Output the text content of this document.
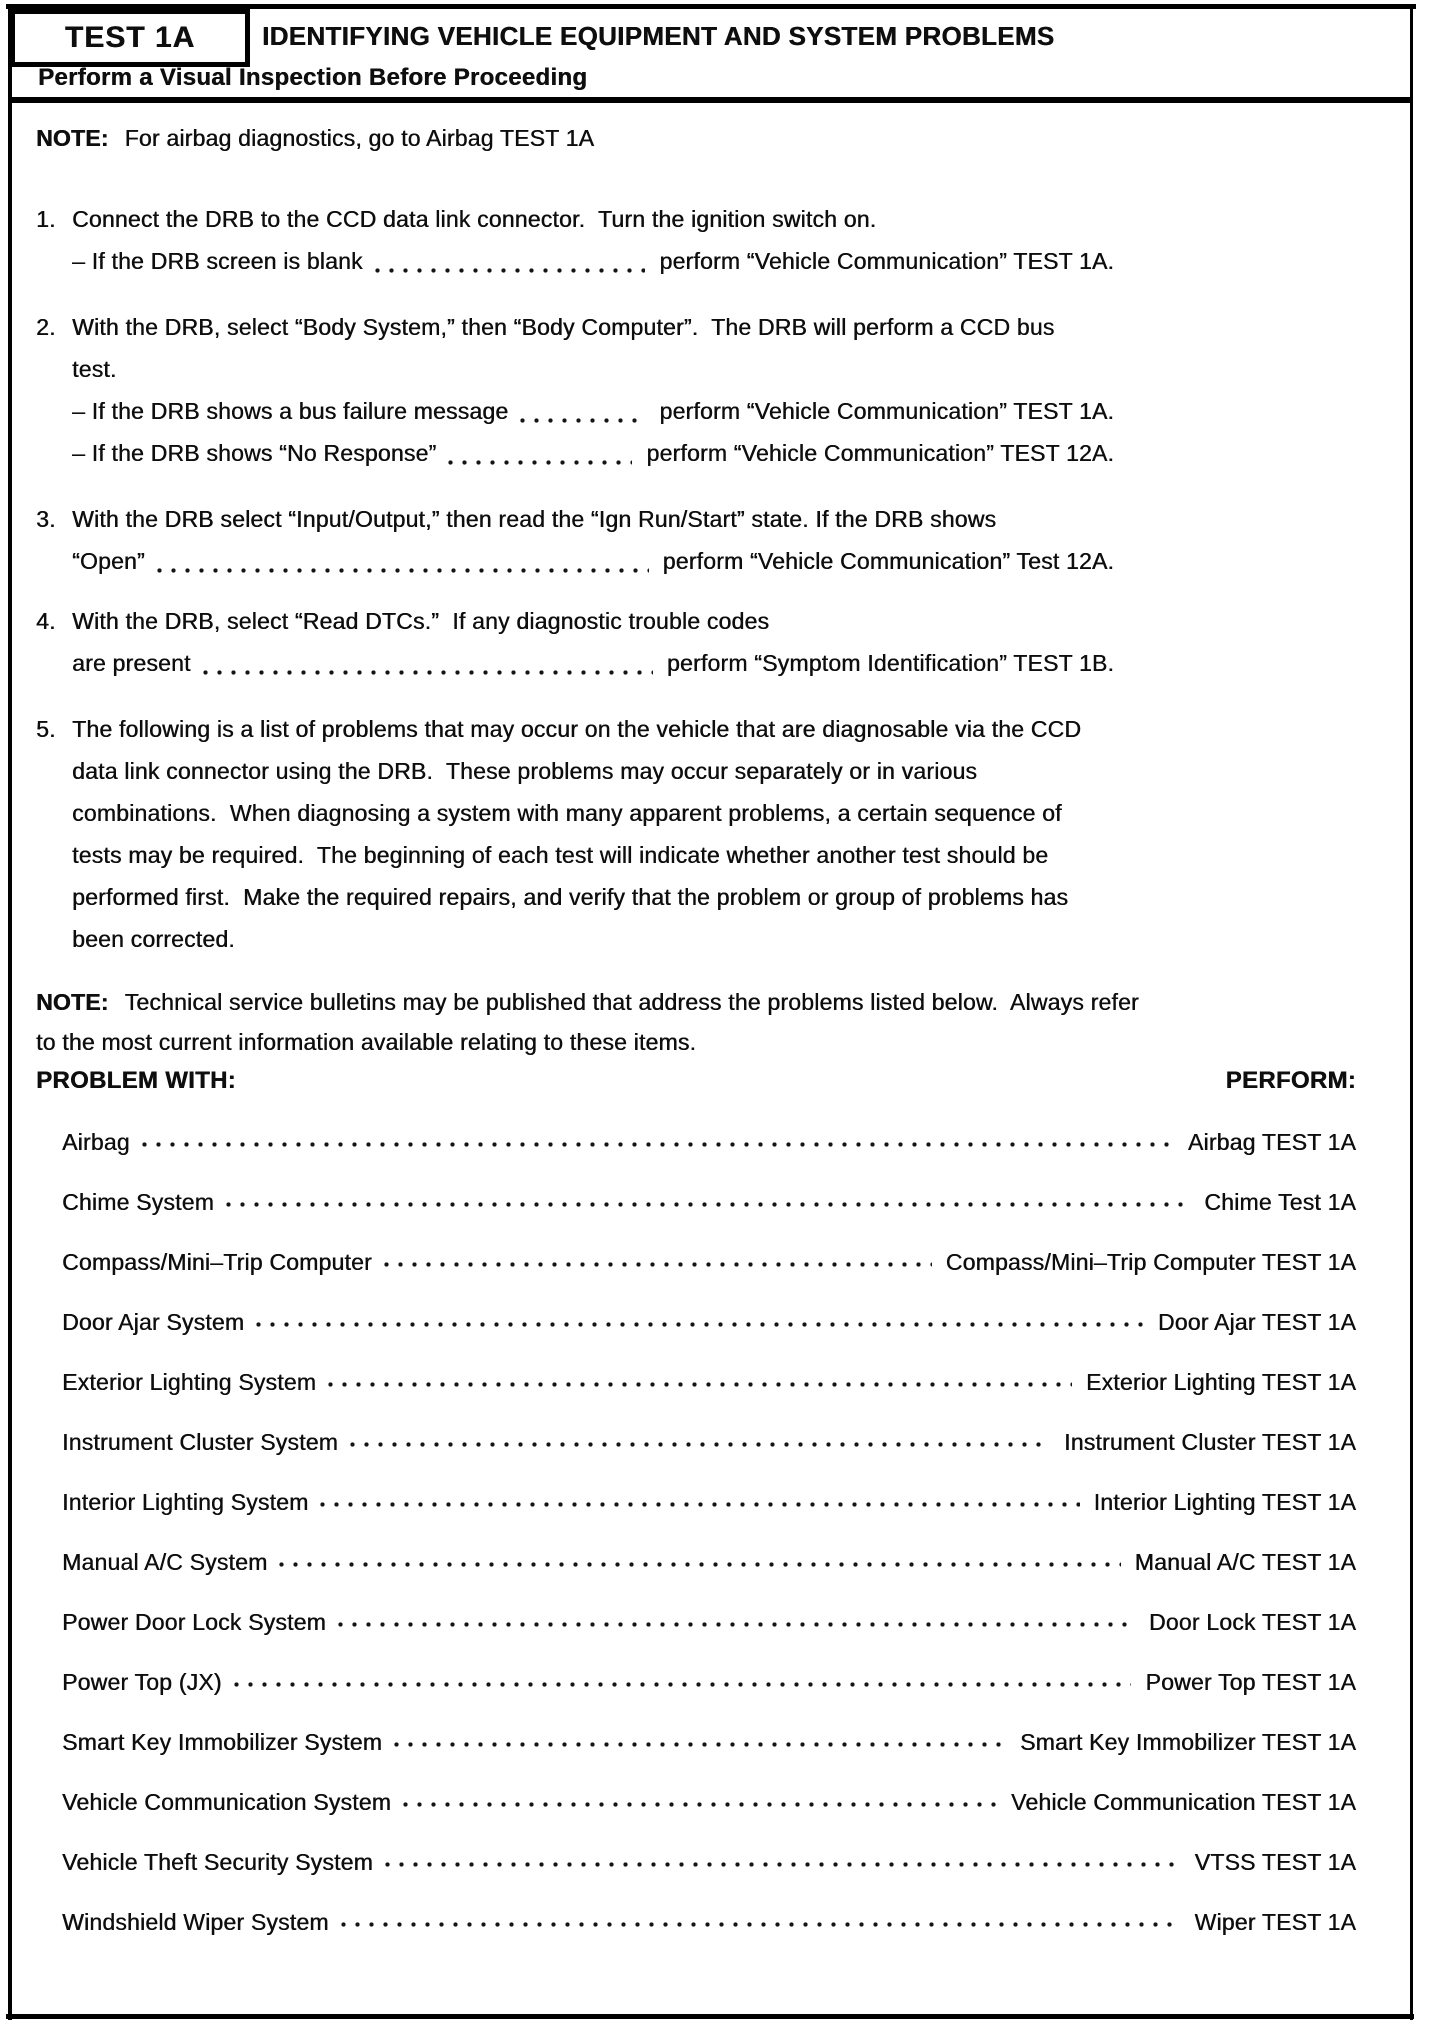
TEST 1A	IDENTIFYING VEHICLE EQUIPMENT AND SYSTEM PROBLEMS
Perform a Visual Inspection Before Proceeding
NOTE: For airbag diagnostics, go to Airbag TEST 1A
1. Connect the DRB to the CCD data link connector.  Turn the ignition switch on.
– If the DRB screen is blank	perform “Vehicle Communication” TEST 1A.
2. With the DRB, select “Body System,” then “Body Computer”.  The DRB will perform a CCD bus
test.
– If the DRB shows a bus failure message	perform “Vehicle Communication” TEST 1A.
– If the DRB shows “No Response”	perform “Vehicle Communication” TEST 12A.
3. With the DRB select “Input/Output,” then read the “Ign Run/Start” state. If the DRB shows
“Open”	perform “Vehicle Communication” Test 12A.
4. With the DRB, select “Read DTCs.”  If any diagnostic trouble codes
are present	perform “Symptom Identification” TEST 1B.
5. The following is a list of problems that may occur on the vehicle that are diagnosable via the CCD data link connector using the DRB.  These problems may occur separately or in various combinations.  When diagnosing a system with many apparent problems, a certain sequence of tests may be required.  The beginning of each test will indicate whether another test should be performed first.  Make the required repairs, and verify that the problem or group of problems has been corrected.
NOTE: Technical service bulletins may be published that address the problems listed below.  Always refer to the most current information available relating to these items.
PROBLEM WITH:	PERFORM:
Airbag	Airbag TEST 1A
Chime System	Chime Test 1A
Compass/Mini–Trip Computer	Compass/Mini–Trip Computer TEST 1A
Door Ajar System	Door Ajar TEST 1A
Exterior Lighting System	Exterior Lighting TEST 1A
Instrument Cluster System	Instrument Cluster TEST 1A
Interior Lighting System	Interior Lighting TEST 1A
Manual A/C System	Manual A/C TEST 1A
Power Door Lock System	Door Lock TEST 1A
Power Top (JX)	Power Top TEST 1A
Smart Key Immobilizer System	Smart Key Immobilizer TEST 1A
Vehicle Communication System	Vehicle Communication TEST 1A
Vehicle Theft Security System	VTSS TEST 1A
Windshield Wiper System	Wiper TEST 1A
